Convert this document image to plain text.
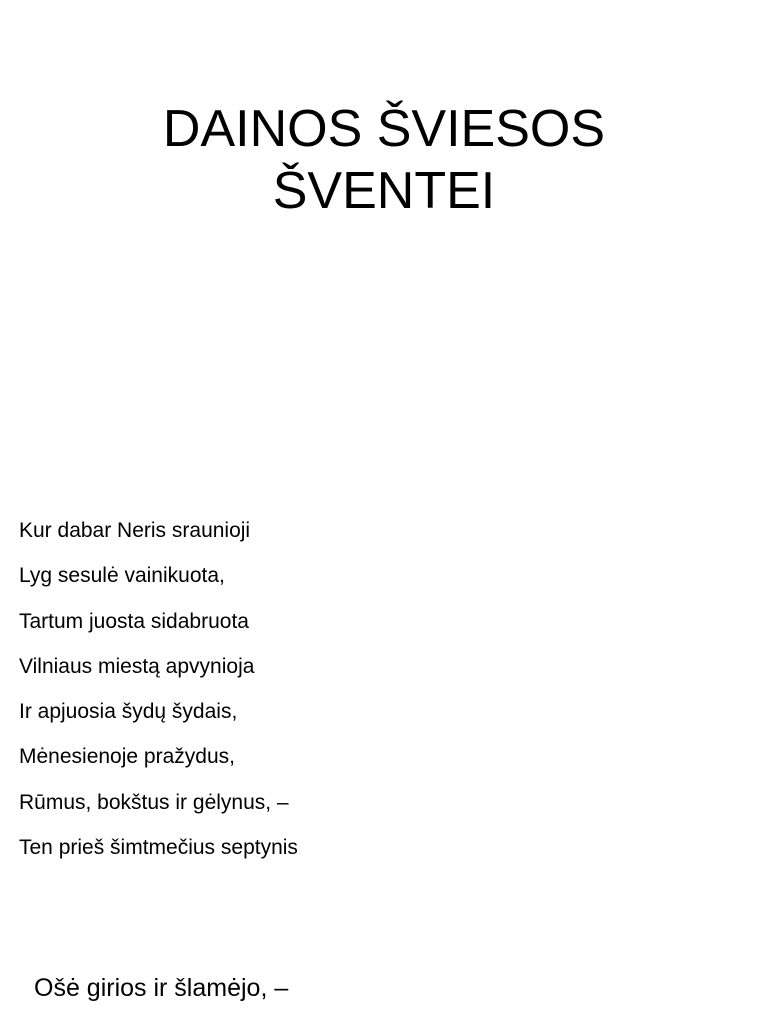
DAINOS ŠVIESOS
ŠVENTEI
Kur dabar Neris sraunioji
Lyg sesulė vainikuota,
Tartum juosta sidabruota
Vilniaus miestą apvynioja
Ir apjuosia šydų šydais,
Mėnesienoje pražydus,
Rūmus, bokštus ir gėlynus, –
Ten prieš šimtmečius septynis
Ošė girios ir šlamėjo, –
